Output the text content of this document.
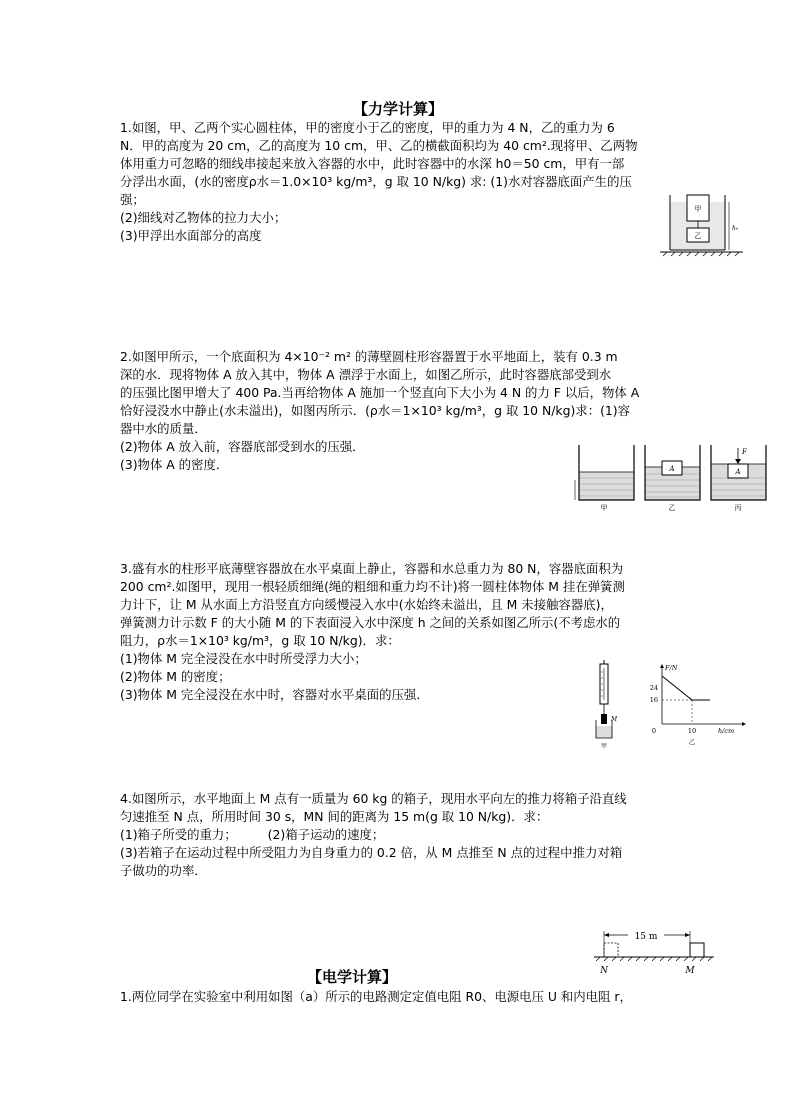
【力学计算】
1.如图，甲、乙两个实心圆柱体，甲的密度小于乙的密度，甲的重力为 4 N，乙的重力为 6
N．甲的高度为 20 cm，乙的高度为 10 cm，甲、乙的横截面积均为 40 cm².现将甲、乙两物
体用重力可忽略的细线串接起来放入容器的水中，此时容器中的水深 h0＝50 cm，甲有一部
分浮出水面，(水的密度ρ水＝1.0×10³ kg/m³，g 取 10 N/kg) 求: (1)水对容器底面产生的压
强；
(2)细线对乙物体的拉力大小；
(3)甲浮出水面部分的高度
甲
乙
h₀
2.如图甲所示，一个底面积为 4×10⁻² m² 的薄壁圆柱形容器置于水平地面上，装有 0.3 m
深的水．现将物体 A 放入其中，物体 A 漂浮于水面上，如图乙所示，此时容器底部受到水
的压强比图甲增大了 400 Pa.当再给物体 A 施加一个竖直向下大小为 4 N 的力 F 以后，物体 A
恰好浸没水中静止(水未溢出)，如图丙所示．(ρ水＝1×10³ kg/m³，g 取 10 N/kg)求：(1)容
器中水的质量．
(2)物体 A 放入前，容器底部受到水的压强．
(3)物体 A 的密度．
甲
A
乙
F
A
丙
3.盛有水的柱形平底薄壁容器放在水平桌面上静止，容器和水总重力为 80 N，容器底面积为
200 cm².如图甲，现用一根轻质细绳(绳的粗细和重力均不计)将一圆柱体物体 M 挂在弹簧测
力计下，让 M 从水面上方沿竖直方向缓慢浸入水中(水始终未溢出，且 M 未接触容器底)，
弹簧测力计示数 F 的大小随 M 的下表面浸入水中深度 h 之间的关系如图乙所示(不考虑水的
阻力，ρ水＝1×10³ kg/m³，g 取 10 N/kg)．求：
(1)物体 M 完全浸没在水中时所受浮力大小；
(2)物体 M 的密度；
(3)物体 M 完全浸没在水中时，容器对水平桌面的压强．
M
甲
F/N
h/cm
24
16
0	10
乙
4.如图所示，水平地面上 M 点有一质量为 60 kg 的箱子，现用水平向左的推力将箱子沿直线
匀速推至 N 点，所用时间 30 s，MN 间的距离为 15 m(g 取 10 N/kg)．求：
(1)箱子所受的重力；　　　(2)箱子运动的速度；
(3)若箱子在运动过程中所受阻力为自身重力的 0.2 倍，从 M 点推至 N 点的过程中推力对箱
子做功的功率．
15 m
N	M
【电学计算】
1.两位同学在实验室中利用如图（a）所示的电路测定定值电阻 R0、电源电压 U 和内电阻 r，
